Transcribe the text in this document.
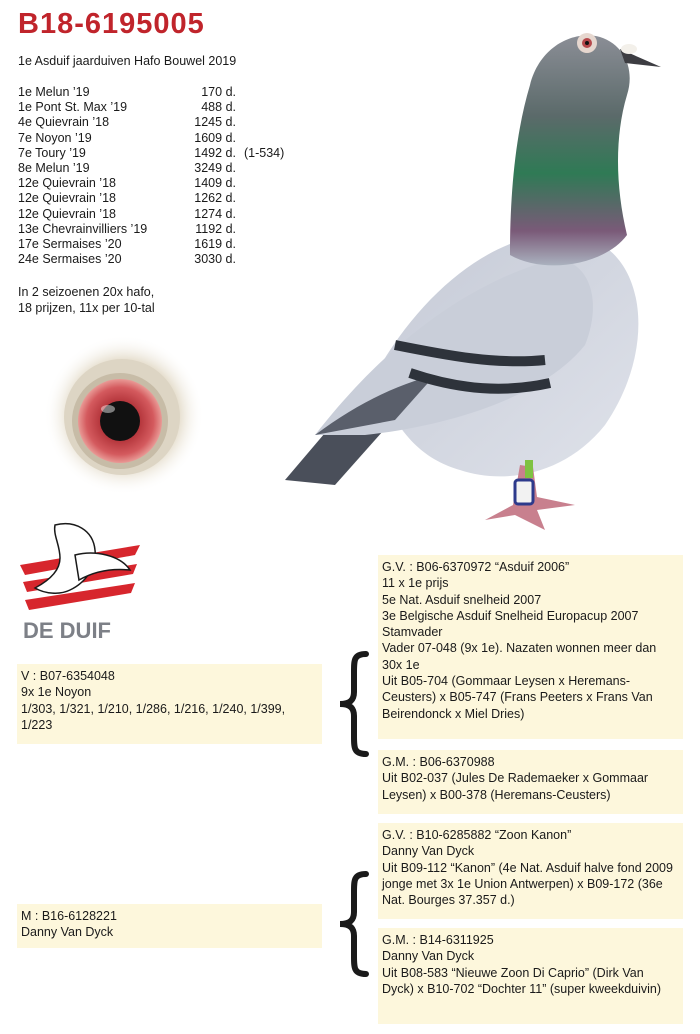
B18-6195005
1e Asduif jaarduiven Hafo Bouwel 2019
1e Melun ’19	170 d.
1e Pont St. Max ’19	488 d.
4e Quievrain ’18	1245 d.
7e Noyon ’19	1609 d.
7e Toury ’19	1492 d. (1-534)
8e Melun ’19	3249 d.
12e Quievrain ’18	1409 d.
12e Quievrain ’18	1262 d.
12e Quievrain ’18	1274 d.
13e Chevrainvilliers ’19	1192 d.
17e Sermaises ’20	1619 d.
24e Sermaises ’20	3030 d.
In 2 seizoenen 20x hafo,
18 prijzen, 11x per 10-tal
DE DUIF
V : B07-6354048
9x 1e Noyon
1/303, 1/321, 1/210, 1/286, 1/216, 1/240, 1/399, 1/223
M : B16-6128221
Danny Van Dyck
G.V. : B06-6370972 “Asduif 2006”
11 x 1e prijs
5e Nat. Asduif snelheid 2007
3e Belgische Asduif Snelheid Europacup 2007
Stamvader
Vader 07-048 (9x 1e). Nazaten wonnen meer dan 30x 1e
Uit B05-704 (Gommaar Leysen x Heremans-Ceusters) x B05-747 (Frans Peeters x Frans Van Beirendonck x Miel Dries)
G.M. : B06-6370988
Uit B02-037 (Jules De Rademaeker x Gommaar Leysen) x B00-378 (Heremans-Ceusters)
G.V. : B10-6285882 “Zoon Kanon”
Danny Van Dyck
Uit B09-112 “Kanon” (4e Nat. Asduif halve fond 2009 jonge met 3x 1e Union Antwerpen) x B09-172 (36e Nat. Bourges 37.357 d.)
G.M. : B14-6311925
Danny Van Dyck
Uit B08-583 “Nieuwe Zoon Di Caprio” (Dirk Van Dyck) x B10-702 “Dochter 11” (super kweekduivin)
